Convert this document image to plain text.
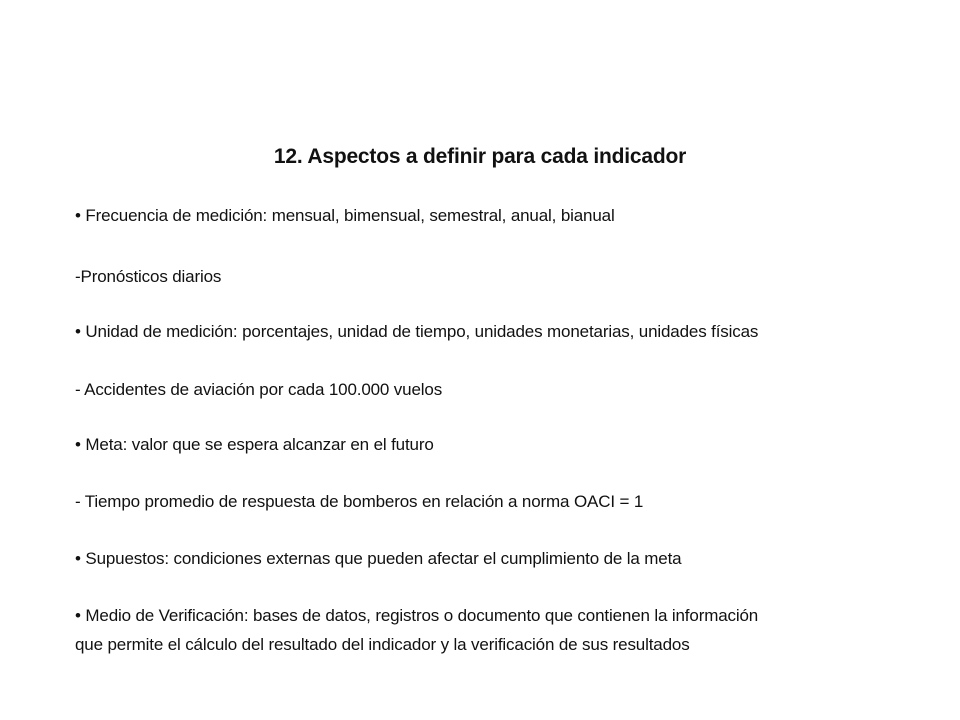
12. Aspectos a definir para cada indicador
• Frecuencia de medición: mensual, bimensual, semestral, anual, bianual
-Pronósticos diarios
• Unidad de medición: porcentajes, unidad de tiempo, unidades monetarias, unidades físicas
- Accidentes de aviación por cada 100.000 vuelos
• Meta: valor que se espera alcanzar en el futuro
- Tiempo promedio de respuesta de bomberos en relación a norma OACI = 1
• Supuestos: condiciones externas que pueden afectar el cumplimiento de la meta
• Medio de Verificación: bases de datos, registros o documento que contienen la información
que permite el cálculo del resultado del indicador y la verificación de sus resultados
